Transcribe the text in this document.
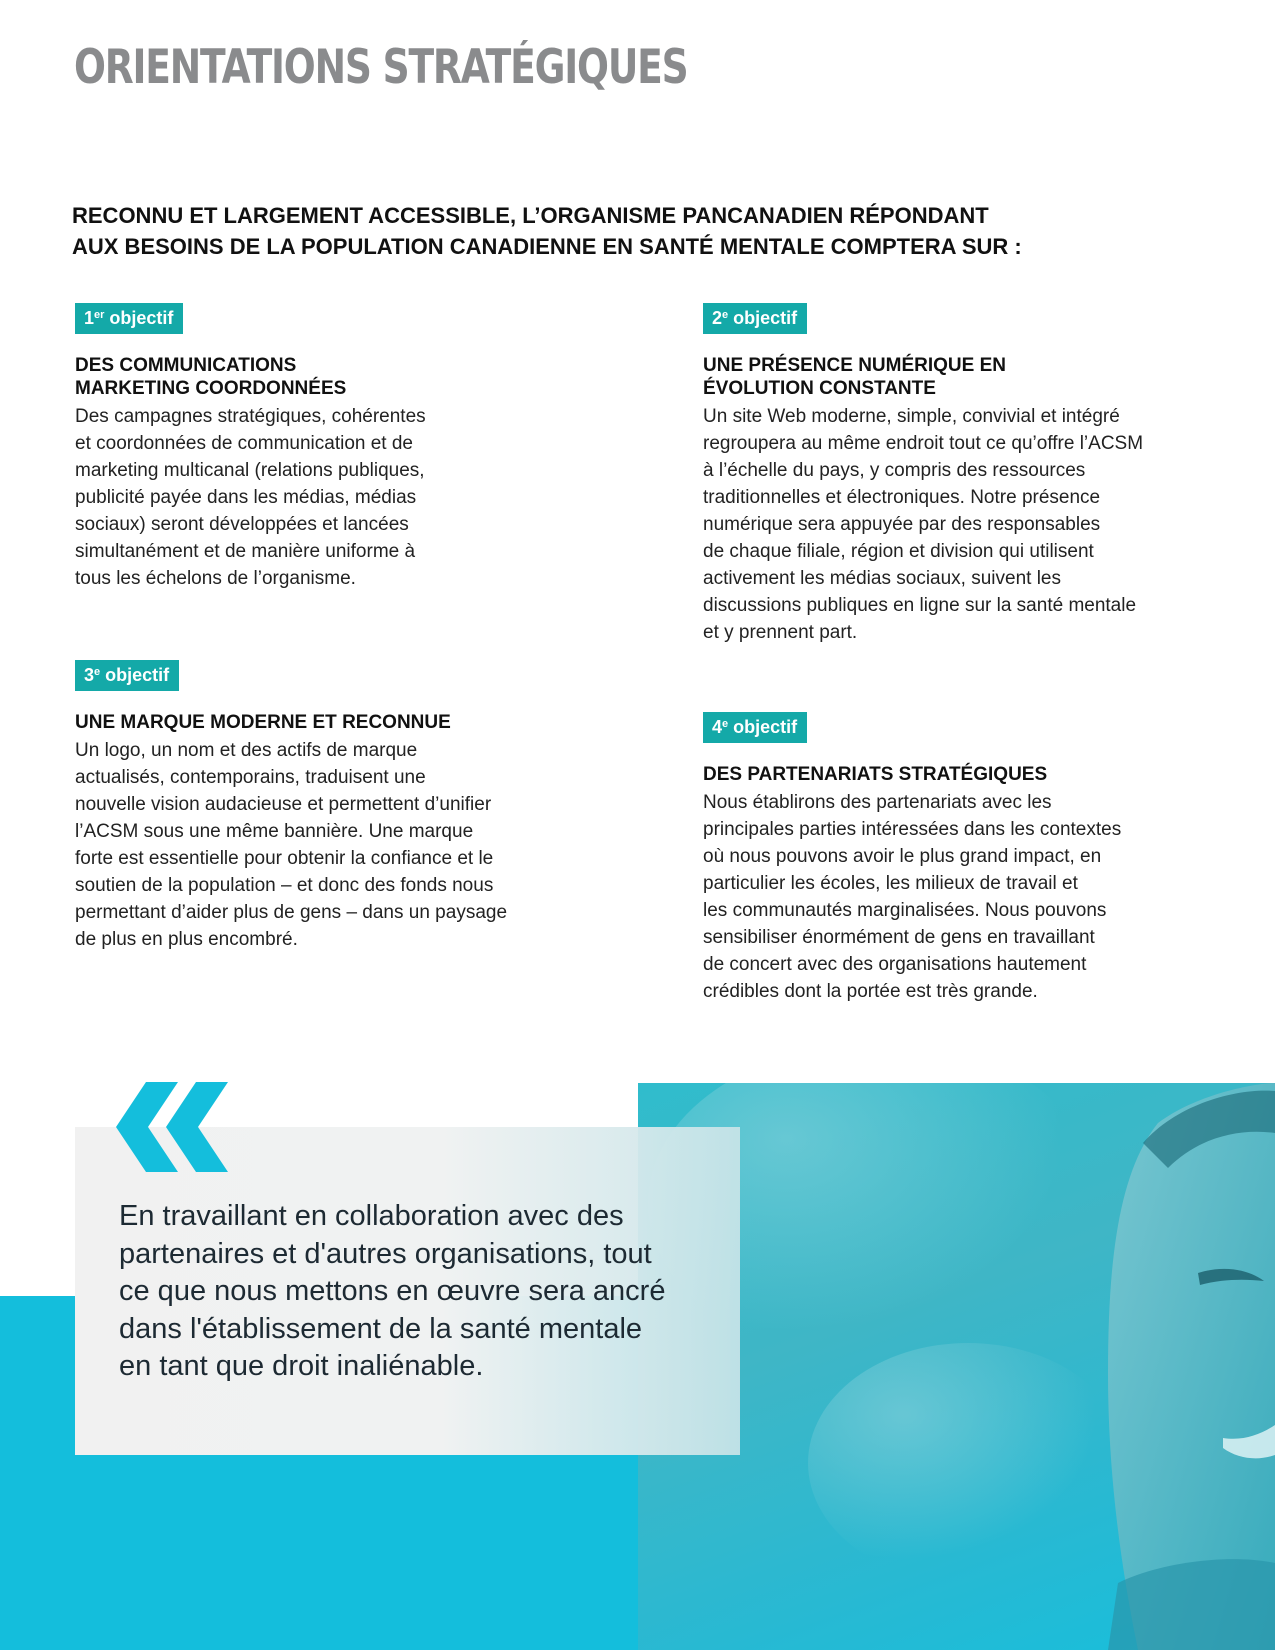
ORIENTATIONS STRATÉGIQUES

RECONNU ET LARGEMENT ACCESSIBLE, L’ORGANISME PANCANADIEN RÉPONDANT
AUX BESOINS DE LA POPULATION CANADIENNE EN SANTÉ MENTALE COMPTERA SUR :

1er objectif
DES COMMUNICATIONS
MARKETING COORDONNÉES

Des campagnes stratégiques, cohérentes
et coordonnées de communication et de
marketing multicanal (relations publiques,
publicité payée dans les médias, médias
sociaux) seront développées et lancées
simultanément et de manière uniforme à
tous les échelons de l’organisme.

2e objectif
UNE PRÉSENCE NUMÉRIQUE EN
ÉVOLUTION CONSTANTE

Un site Web moderne, simple, convivial et intégré
regroupera au même endroit tout ce qu’offre l’ACSM
à l’échelle du pays, y compris des ressources
traditionnelles et électroniques. Notre présence
numérique sera appuyée par des responsables
de chaque filiale, région et division qui utilisent
activement les médias sociaux, suivent les
discussions publiques en ligne sur la santé mentale
et y prennent part.

3e objectif
UNE MARQUE MODERNE ET RECONNUE

Un logo, un nom et des actifs de marque
actualisés, contemporains, traduisent une
nouvelle vision audacieuse et permettent d’unifier
l’ACSM sous une même bannière. Une marque
forte est essentielle pour obtenir la confiance et le
soutien de la population – et donc des fonds nous
permettant d’aider plus de gens – dans un paysage
de plus en plus encombré.

4e objectif
DES PARTENARIATS STRATÉGIQUES

Nous établirons des partenariats avec les
principales parties intéressées dans les contextes
où nous pouvons avoir le plus grand impact, en
particulier les écoles, les milieux de travail et
les communautés marginalisées. Nous pouvons
sensibiliser énormément de gens en travaillant
de concert avec des organisations hautement
crédibles dont la portée est très grande.

En travaillant en collaboration avec des
partenaires et d'autres organisations, tout
ce que nous mettons en œuvre sera ancré
dans l'établissement de la santé mentale
en tant que droit inaliénable.
